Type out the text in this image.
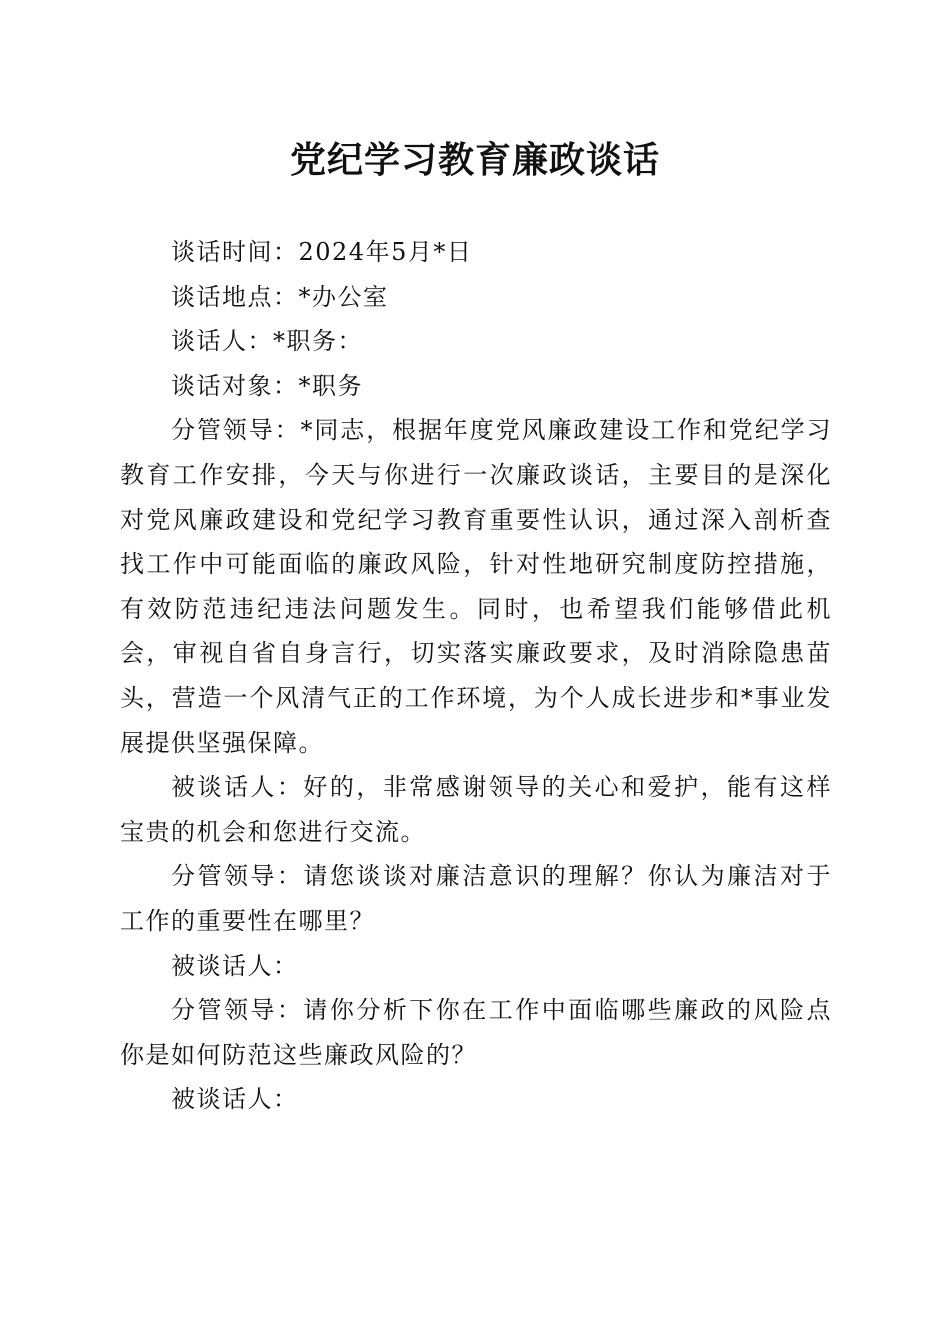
党纪学习教育廉政谈话

谈话时间：2024年5月*日

谈话地点：*办公室

谈话人：*职务：

谈话对象：*职务

分管领导：*同志，根据年度党风廉政建设工作和党纪学习教育工作安排，今天与你进行一次廉政谈话，主要目的是深化对党风廉政建设和党纪学习教育重要性认识，通过深入剖析查找工作中可能面临的廉政风险，针对性地研究制度防控措施，有效防范违纪违法问题发生。同时，也希望我们能够借此机会，审视自省自身言行，切实落实廉政要求，及时消除隐患苗头，营造一个风清气正的工作环境，为个人成长进步和*事业发展提供坚强保障。

被谈话人：好的，非常感谢领导的关心和爱护，能有这样宝贵的机会和您进行交流。

分管领导：请您谈谈对廉洁意识的理解？你认为廉洁对于工作的重要性在哪里？

被谈话人：

分管领导：请你分析下你在工作中面临哪些廉政的风险点你是如何防范这些廉政风险的？

被谈话人：
